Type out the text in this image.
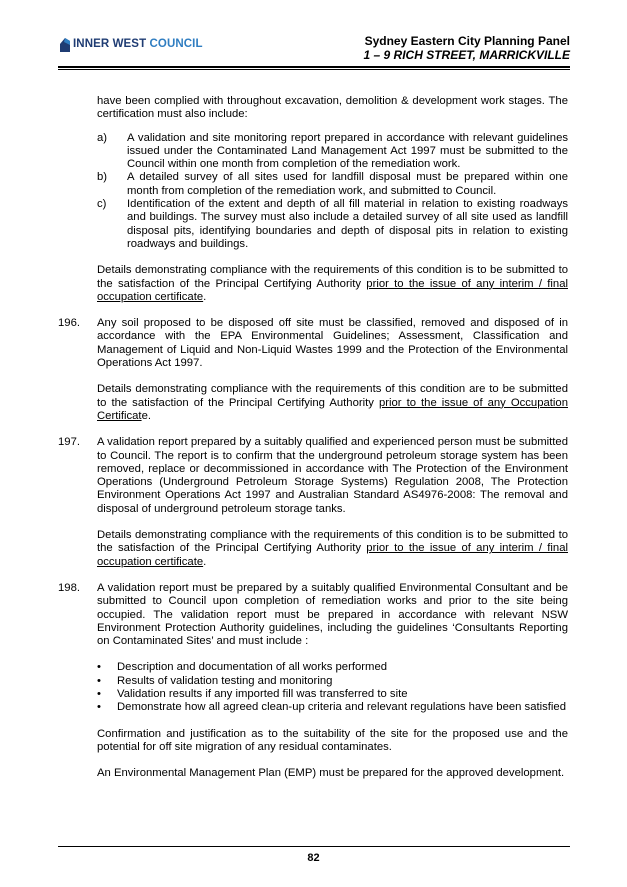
INNER WEST COUNCIL	Sydney Eastern City Planning Panel
1 – 9 RICH STREET, MARRICKVILLE

have been complied with throughout excavation, demolition & development work stages. The certification must also include:

a)	A validation and site monitoring report prepared in accordance with relevant guidelines issued under the Contaminated Land Management Act 1997 must be submitted to the Council within one month from completion of the remediation work.
b)	A detailed survey of all sites used for landfill disposal must be prepared within one month from completion of the remediation work, and submitted to Council.
c)	Identification of the extent and depth of all fill material in relation to existing roadways and buildings. The survey must also include a detailed survey of all site used as landfill disposal pits, identifying boundaries and depth of disposal pits in relation to existing roadways and buildings.

Details demonstrating compliance with the requirements of this condition is to be submitted to the satisfaction of the Principal Certifying Authority prior to the issue of any interim / final occupation certificate.

196.	Any soil proposed to be disposed off site must be classified, removed and disposed of in accordance with the EPA Environmental Guidelines; Assessment, Classification and Management of Liquid and Non-Liquid Wastes 1999 and the Protection of the Environmental Operations Act 1997.

Details demonstrating compliance with the requirements of this condition are to be submitted to the satisfaction of the Principal Certifying Authority prior to the issue of any Occupation Certificate.

197.	A validation report prepared by a suitably qualified and experienced person must be submitted to Council. The report is to confirm that the underground petroleum storage system has been removed, replace or decommissioned in accordance with The Protection of the Environment Operations (Underground Petroleum Storage Systems) Regulation 2008, The Protection Environment Operations Act 1997 and Australian Standard AS4976-2008: The removal and disposal of underground petroleum storage tanks.

Details demonstrating compliance with the requirements of this condition is to be submitted to the satisfaction of the Principal Certifying Authority prior to the issue of any interim / final occupation certificate.

198.	A validation report must be prepared by a suitably qualified Environmental Consultant and be submitted to Council upon completion of remediation works and prior to the site being occupied. The validation report must be prepared in accordance with relevant NSW Environment Protection Authority guidelines, including the guidelines ‘Consultants Reporting on Contaminated Sites’ and must include :
•	Description and documentation of all works performed
•	Results of validation testing and monitoring
•	Validation results if any imported fill was transferred to site
•	Demonstrate how all agreed clean-up criteria and relevant regulations have been satisfied

Confirmation and justification as to the suitability of the site for the proposed use and the potential for off site migration of any residual contaminates.

An Environmental Management Plan (EMP) must be prepared for the approved development.

82
